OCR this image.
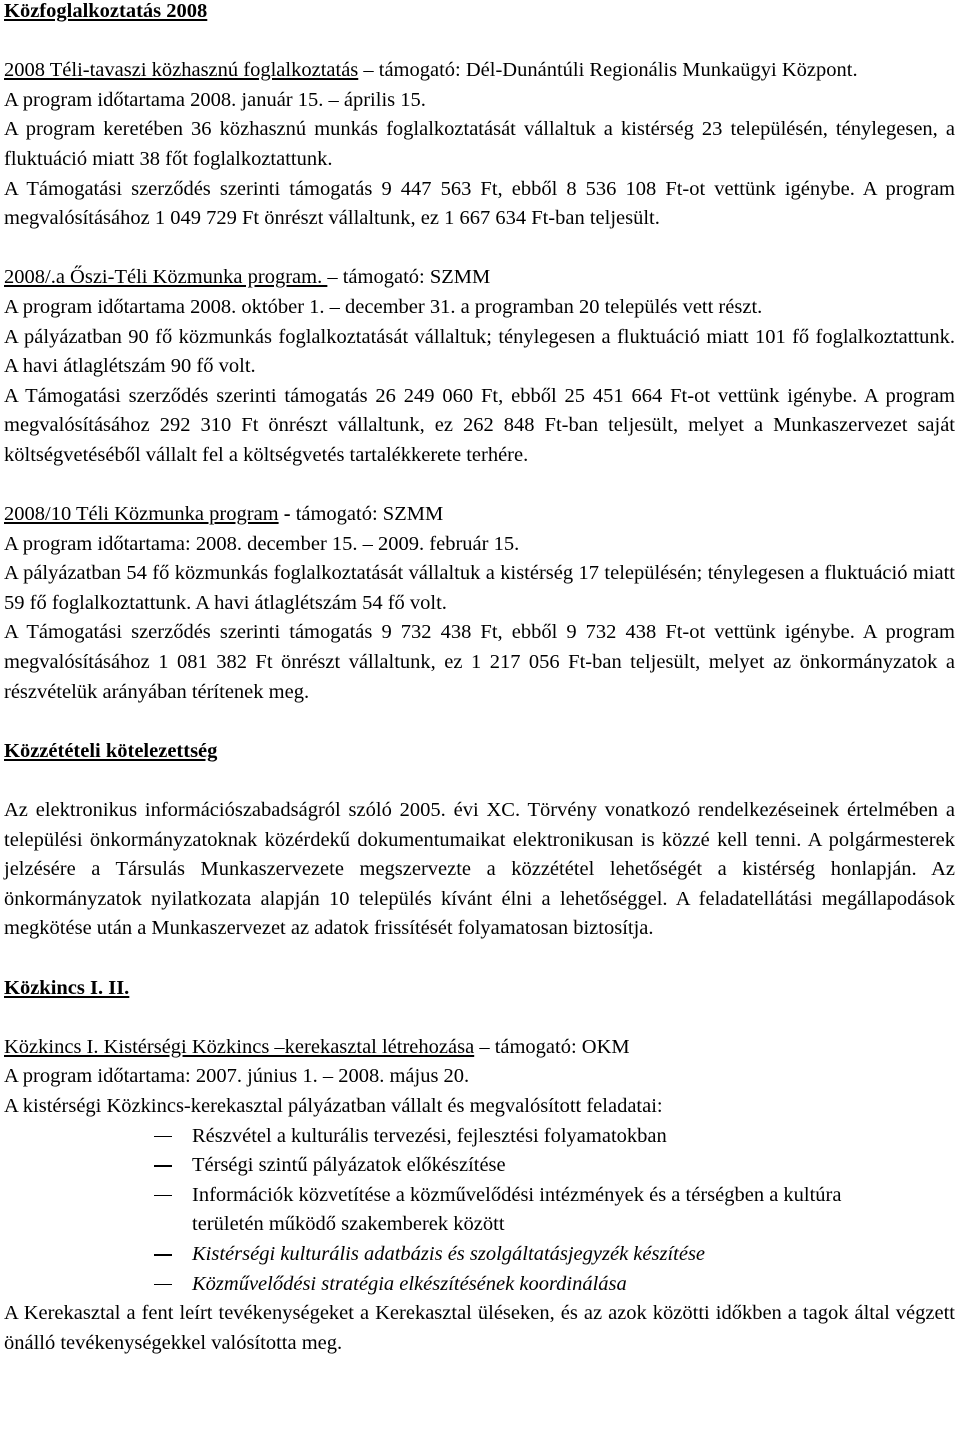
Közfoglalkoztatás 2008

2008 Téli-tavaszi közhasznú foglalkoztatás – támogató: Dél-Dunántúli Regionális Munkaügyi Központ.

A program időtartama 2008. január 15. – április 15.

A program keretében 36 közhasznú munkás foglalkoztatását vállaltuk a kistérség 23 településén, ténylegesen, a fluktuáció miatt 38 főt foglalkoztattunk.

A Támogatási szerződés szerinti támogatás 9 447 563 Ft, ebből 8 536 108 Ft-ot vettünk igénybe. A program megvalósításához 1 049 729 Ft önrészt vállaltunk, ez 1 667 634 Ft-ban teljesült.

2008/.a Őszi-Téli Közmunka program. – támogató: SZMM

A program időtartama 2008. október 1. – december 31. a programban 20 település vett részt.

A pályázatban 90 fő közmunkás foglalkoztatását vállaltuk; ténylegesen a fluktuáció miatt 101 fő foglalkoztattunk. A havi átlaglétszám 90 fő volt.

A Támogatási szerződés szerinti támogatás 26 249 060 Ft, ebből 25 451 664 Ft-ot vettünk igénybe. A program megvalósításához 292 310 Ft önrészt vállaltunk, ez 262 848 Ft-ban teljesült, melyet a Munkaszervezet saját költségvetéséből vállalt fel a költségvetés tartalékkerete terhére.

2008/10 Téli Közmunka program - támogató: SZMM

A program időtartama: 2008. december 15. – 2009. február 15.

A pályázatban 54 fő közmunkás foglalkoztatását vállaltuk a kistérség 17 településén; ténylegesen a fluktuáció miatt 59 fő foglalkoztattunk. A havi átlaglétszám 54 fő volt.

A Támogatási szerződés szerinti támogatás 9 732 438 Ft, ebből 9 732 438 Ft-ot vettünk igénybe. A program megvalósításához 1 081 382 Ft önrészt vállaltunk, ez 1 217 056 Ft-ban teljesült, melyet az önkormányzatok a részvételük arányában térítenek meg.

Közzétételi kötelezettség

Az elektronikus információszabadságról szóló 2005. évi XC. Törvény vonatkozó rendelkezéseinek értelmében a települési önkormányzatoknak közérdekű dokumentumaikat elektronikusan is közzé kell tenni. A polgármesterek jelzésére a Társulás Munkaszervezete megszervezte a közzététel lehetőségét a kistérség honlapján. Az önkormányzatok nyilatkozata alapján 10 település kívánt élni a lehetőséggel. A feladatellátási megállapodások megkötése után a Munkaszervezet az adatok frissítését folyamatosan biztosítja.

Közkincs I. II.

Közkincs I. Kistérségi Közkincs –kerekasztal létrehozása – támogató: OKM

A program időtartama: 2007. június 1. – 2008. május 20.

A kistérségi Közkincs-kerekasztal pályázatban vállalt és megvalósított feladatai:

Részvétel a kulturális tervezési, fejlesztési folyamatokban
Térségi szintű pályázatok előkészítése
Információk közvetítése a közművelődési intézmények és a térségben a kultúra területén működő szakemberek között
Kistérségi kulturális adatbázis és szolgáltatásjegyzék készítése
Közművelődési stratégia elkészítésének koordinálása

A Kerekasztal a fent leírt tevékenységeket a Kerekasztal üléseken, és az azok közötti időkben a tagok által végzett önálló tevékenységekkel valósította meg.
